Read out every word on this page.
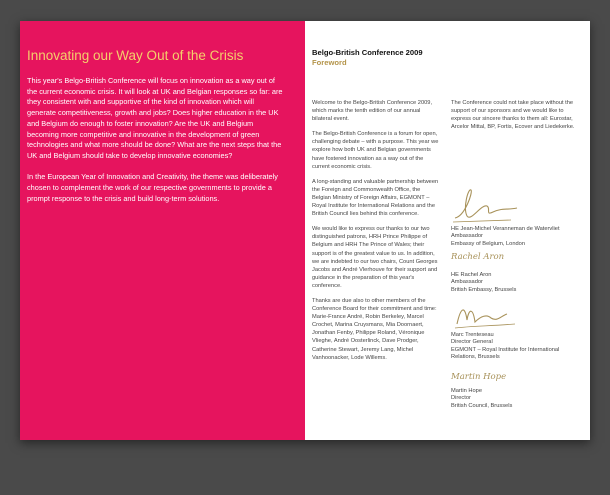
Innovating our Way Out of the Crisis

This year's Belgo-British Conference will focus on innovation as a way out of the current economic crisis. It will look at UK and Belgian responses so far: are they consistent with and supportive of the kind of innovation which will generate competitiveness, growth and jobs? Does higher education in the UK and Belgium do enough to foster innovation? Are the UK and Belgium becoming more competitive and innovative in the development of green technologies and what more should be done? What are the next steps that the UK and Belgium should take to develop innovative economies?

In the European Year of Innovation and Creativity, the theme was deliberately chosen to complement the work of our respective governments to provide a prompt response to the crisis and build long-term solutions.

Belgo-British Conference 2009
Foreword

Welcome to the Belgo-British Conference 2009, which marks the tenth edition of our annual bilateral event.

The Belgo-British Conference is a forum for open, challenging debate – with a purpose. This year we explore how both UK and Belgian governments have fostered innovation as a way out of the current economic crisis.

A long-standing and valuable partnership between the Foreign and Commonwealth Office, the Belgian Ministry of Foreign Affairs, EGMONT – Royal Institute for International Relations and the British Council lies behind this conference.

We would like to express our thanks to our two distinguished patrons, HRH Prince Philippe of Belgium and HRH The Prince of Wales; their support is of the greatest value to us. In addition, we are indebted to our two chairs, Count Georges Jacobs and André Vlerhouve for their support and guidance in the preparation of this year's conference.

Thanks are due also to other members of the Conference Board for their commitment and time: Marie-France André, Robin Berkeley, Marcel Crochet, Marina Cruysmans, Mia Doornaert, Jonathan Fenby, Philippe Roland, Véronique Vlieghe, André Oosterlinck, Dave Prodger, Catherine Stewart, Jeremy Lang, Michel Vanhoonacker, Lode Willems.

The Conference could not take place without the support of our sponsors and we would like to express our sincere thanks to them all: Eurostar, Arcelor Mittal, BP, Fortis, Ecover and Liedekerke.

HE Jean-Michel Veranneman de Watervliet
Ambassador
Embassy of Belgium, London
Rachel Aron
HE Rachel Aron
Ambassador
British Embassy, Brussels
Marc Trenteseau
Director General
EGMONT – Royal Institute for International Relations, Brussels
Martin Hope
Martin Hope
Director
British Council, Brussels
